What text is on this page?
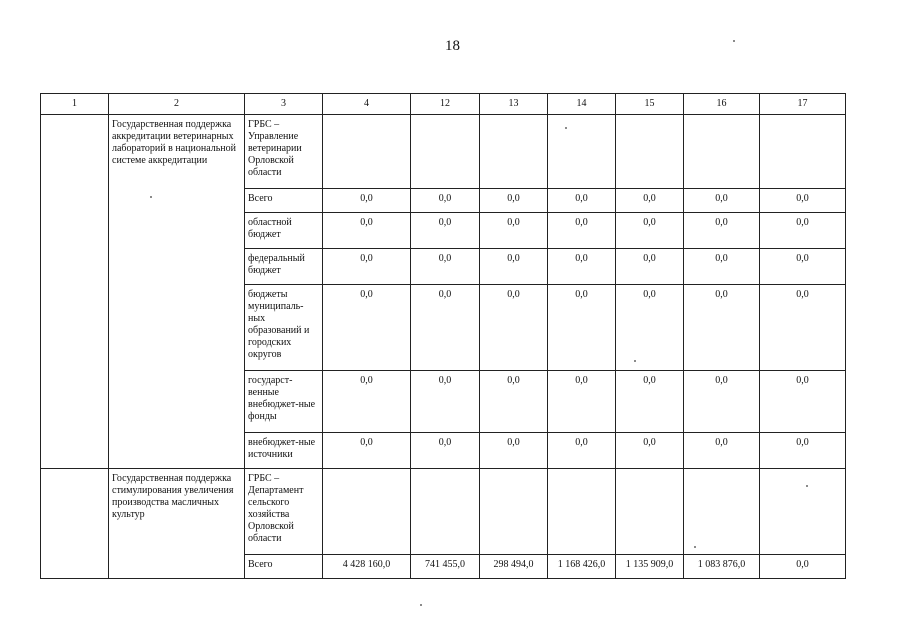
18
1	2	3	4	12	13	14	15	16	17
	Государственная поддержка аккредитации ветеринарных лабораторий в национальной системе аккредитации	ГРБС – Управление ветеринарии Орловской области							
		Всего	0,0	0,0	0,0	0,0	0,0	0,0	0,0
		областной бюджет	0,0	0,0	0,0	0,0	0,0	0,0	0,0
		федеральный бюджет	0,0	0,0	0,0	0,0	0,0	0,0	0,0
		бюджеты муниципаль-ных образований и городских округов	0,0	0,0	0,0	0,0	0,0	0,0	0,0
		государст-венные внебюджет-ные фонды	0,0	0,0	0,0	0,0	0,0	0,0	0,0
		внебюджет-ные источники	0,0	0,0	0,0	0,0	0,0	0,0	0,0
	Государственная поддержка стимулирования увеличения производства масличных культур	ГРБС – Департамент сельского хозяйства Орловской области							
		Всего	4 428 160,0	741 455,0	298 494,0	1 168 426,0	1 135 909,0	1 083 876,0	0,0
